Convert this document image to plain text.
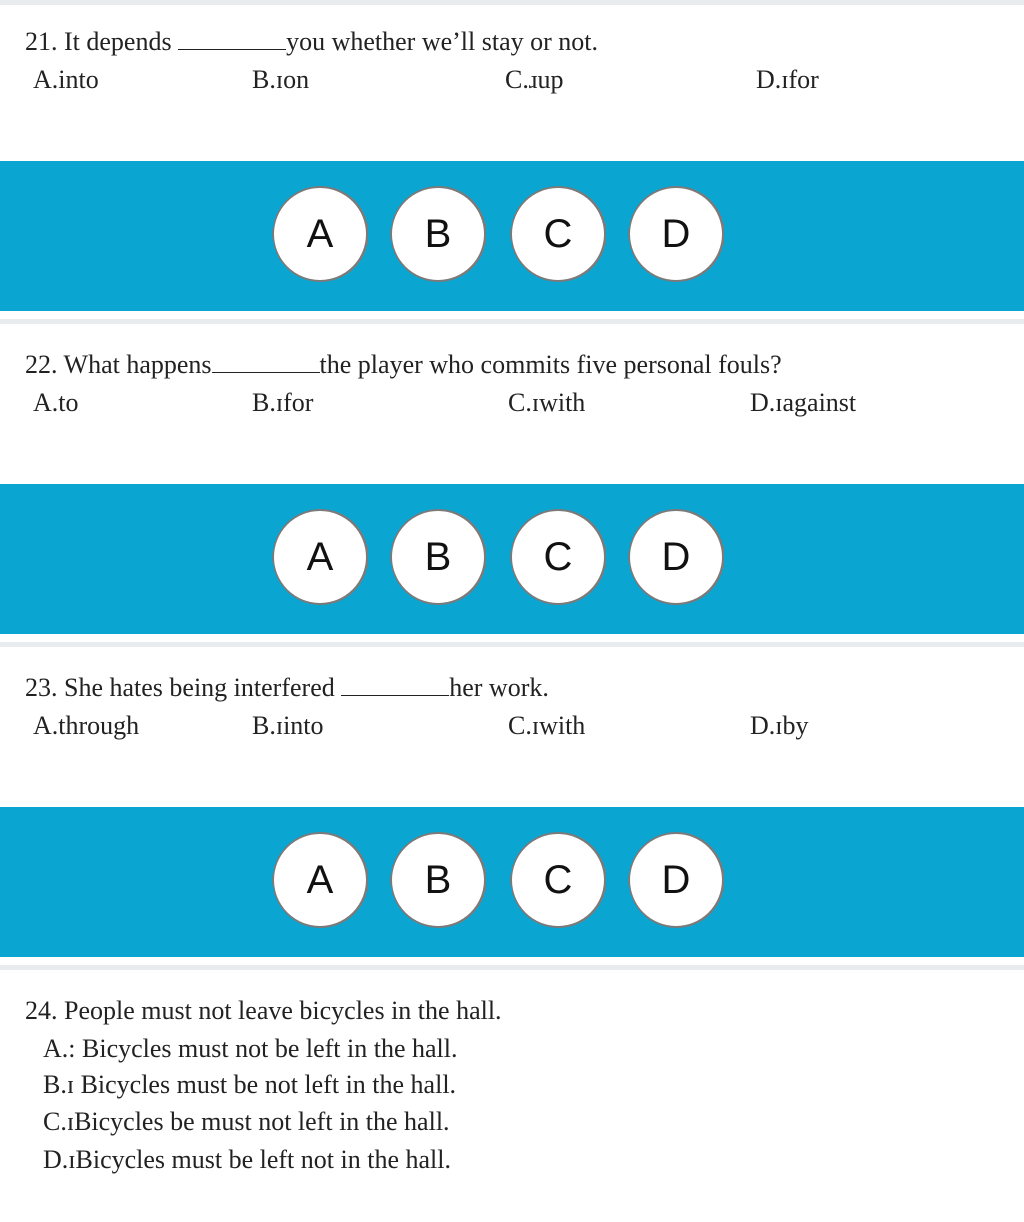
21. It depends	you whether we’ll stay or not.
A.into	B.ɪon	C.ɹup	D.ɪfor
A	B	C	D
22. What happens	the player who commits five personal fouls?
A.to	B.ɪfor	C.ɪwith	D.ɪagainst
A	B	C	D
23. She hates being interfered	her work.
A.through	B.ɪinto	C.ɪwith	D.ɪby
A	B	C	D
24. People must not leave bicycles in the hall.
A.: Bicycles must not be left in the hall.
B.ɪ Bicycles must be not left in the hall.
C.ɪBicycles be must not left in the hall.
D.ɪBicycles must be left not in the hall.
